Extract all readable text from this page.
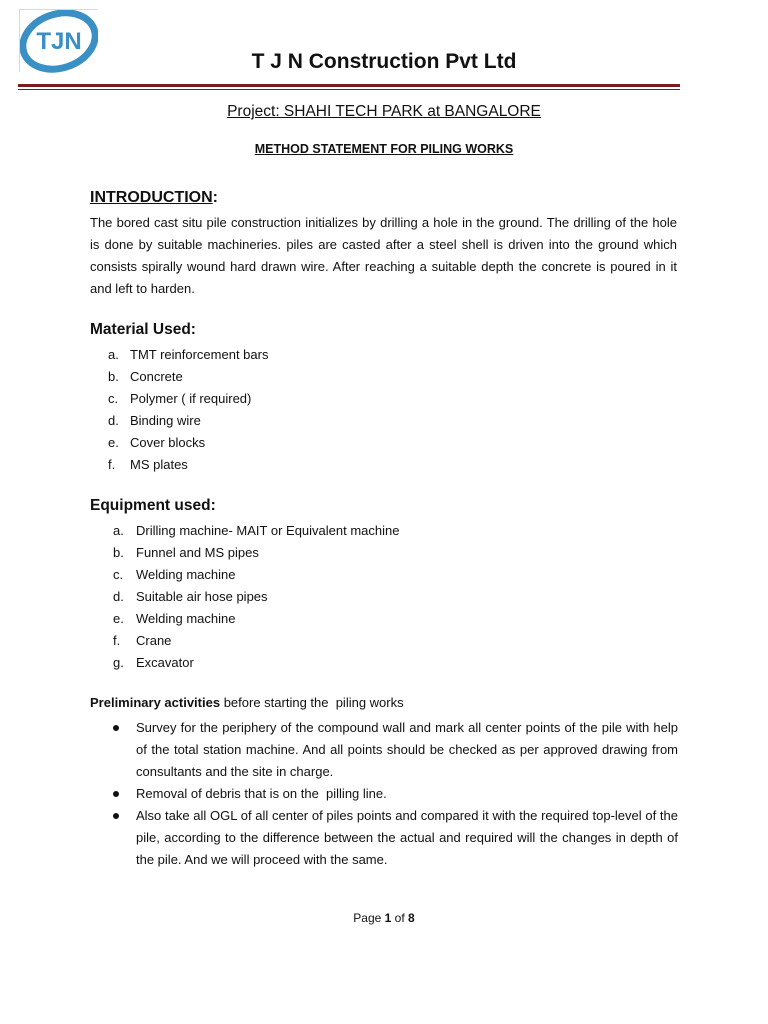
TJN
T J N Construction Pvt Ltd
Project: SHAHI TECH PARK at BANGALORE
METHOD STATEMENT FOR PILING WORKS
INTRODUCTION:

The bored cast situ pile construction initializes by drilling a hole in the ground. The drilling of the hole is done by suitable machineries. piles are casted after a steel shell is driven into the ground which consists spirally wound hard drawn wire. After reaching a suitable depth the concrete is poured in it and left to harden.

Material Used:
a. TMT reinforcement bars
b. Concrete
c. Polymer ( if required)
d. Binding wire
e. Cover blocks
f.	MS plates
Equipment used:
a. Drilling machine- MAIT or Equivalent machine
b. Funnel and MS pipes
c. Welding machine
d. Suitable air hose pipes
e. Welding machine
f.	Crane
g. Excavator
Preliminary activities before starting the  piling works
Survey for the periphery of the compound wall and mark all center points of the pile with help of the total station machine. And all points should be checked as per approved drawing from consultants and the site in charge.
Removal of debris that is on the  pilling line.
Also take all OGL of all center of piles points and compared it with the required top-level of the pile, according to the difference between the actual and required will the changes in depth of the pile. And we will proceed with the same.
Page 1 of 8
